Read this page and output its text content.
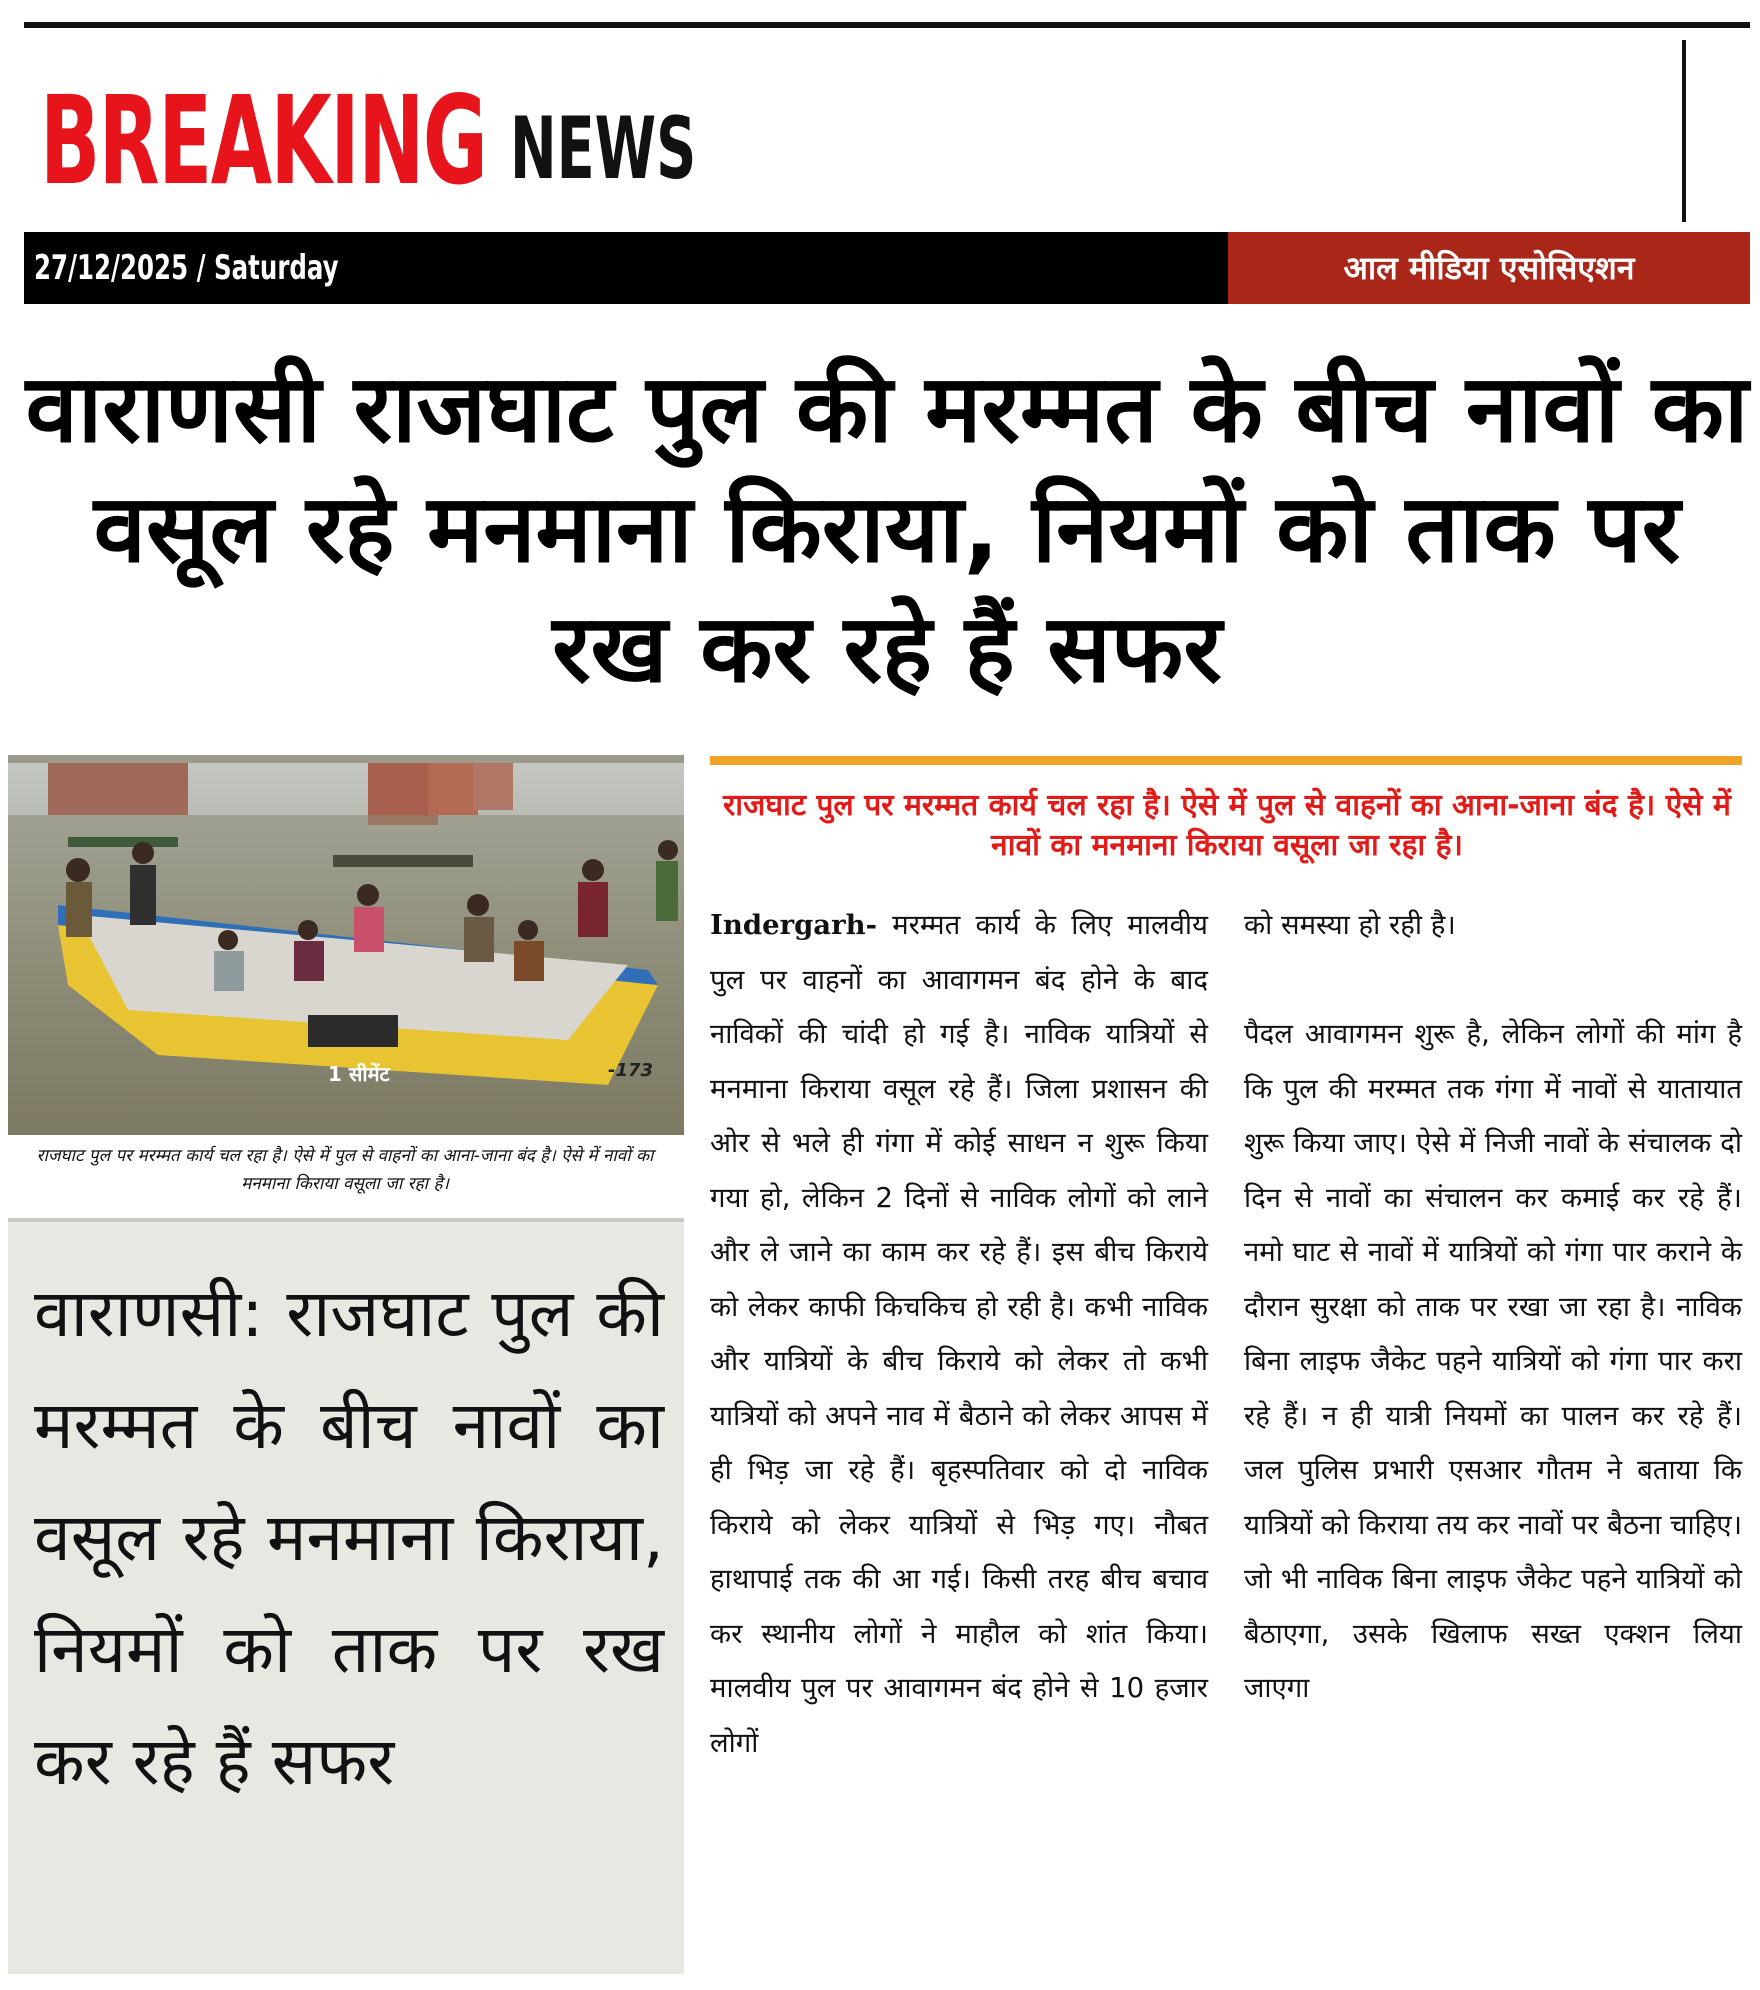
BREAKING NEWS
27/12/2025 / Saturday	आल मीडिया एसोसिएशन
वाराणसी राजघाट पुल की मरम्मत के बीच नावों का वसूल रहे मनमाना किराया, नियमों को ताक पर रख कर रहे हैं सफर
1 सीमेंट	-173
राजघाट पुल पर मरम्मत कार्य चल रहा है। ऐसे में पुल से वाहनों का आना-जाना बंद है। ऐसे में नावों का मनमाना किराया वसूला जा रहा है।
वाराणसी: राजघाट पुल की मरम्मत के बीच नावों का वसूल रहे मनमाना किराया, नियमों को ताक पर रख कर रहे हैं सफर
राजघाट पुल पर मरम्मत कार्य चल रहा है। ऐसे में पुल से वाहनों का आना-जाना बंद है। ऐसे में नावों का मनमाना किराया वसूला जा रहा है।

Indergarh- मरम्मत कार्य के लिए मालवीय पुल पर वाहनों का आवागमन बंद होने के बाद नाविकों की चांदी हो गई है। नाविक यात्रियों से मनमाना किराया वसूल रहे हैं। जिला प्रशासन की ओर से भले ही गंगा में कोई साधन न शुरू किया गया हो, लेकिन 2 दिनों से नाविक लोगों को लाने और ले जाने का काम कर रहे हैं। इस बीच किराये को लेकर काफी किचकिच हो रही है। कभी नाविक और यात्रियों के बीच किराये को लेकर तो कभी यात्रियों को अपने नाव में बैठाने को लेकर आपस में ही भिड़ जा रहे हैं। बृहस्पतिवार को दो नाविक किराये को लेकर यात्रियों से भिड़ गए। नौबत हाथापाई तक की आ गई। किसी तरह बीच बचाव कर स्थानीय लोगों ने माहौल को शांत किया। मालवीय पुल पर आवागमन बंद होने से 10 हजार लोगों

को समस्या हो रही है।

पैदल आवागमन शुरू है, लेकिन लोगों की मांग है कि पुल की मरम्मत तक गंगा में नावों से यातायात शुरू किया जाए। ऐसे में निजी नावों के संचालक दो दिन से नावों का संचालन कर कमाई कर रहे हैं। नमो घाट से नावों में यात्रियों को गंगा पार कराने के दौरान सुरक्षा को ताक पर रखा जा रहा है। नाविक बिना लाइफ जैकेट पहने यात्रियों को गंगा पार करा रहे हैं। न ही यात्री नियमों का पालन कर रहे हैं। जल पुलिस प्रभारी एसआर गौतम ने बताया कि यात्रियों को किराया तय कर नावों पर बैठना चाहिए। जो भी नाविक बिना लाइफ जैकेट पहने यात्रियों को बैठाएगा, उसके खिलाफ सख्त एक्शन लिया जाएगा
